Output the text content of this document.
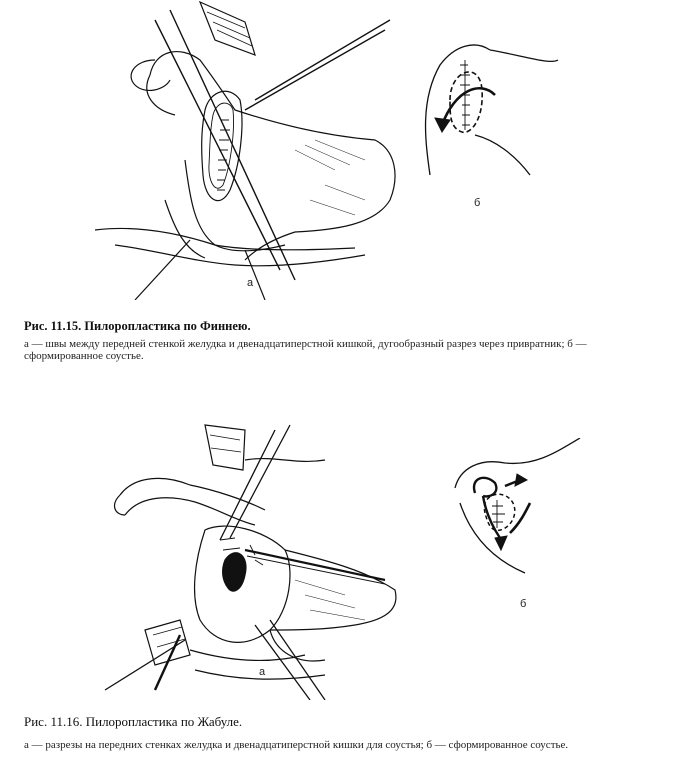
а
б
Рис. 11.15. Пилоропластика по Финнею.
а — швы между передней стенкой желудка и двенадцатиперстной кишкой, дугообразный разрез через привратник; б — сформированное соустье.
а
б
Рис. 11.16. Пилоропластика по Жабуле.
а — разрезы на передних стенках желудка и двенадцатиперстной кишки для соустья; б — сформированное соустье.
